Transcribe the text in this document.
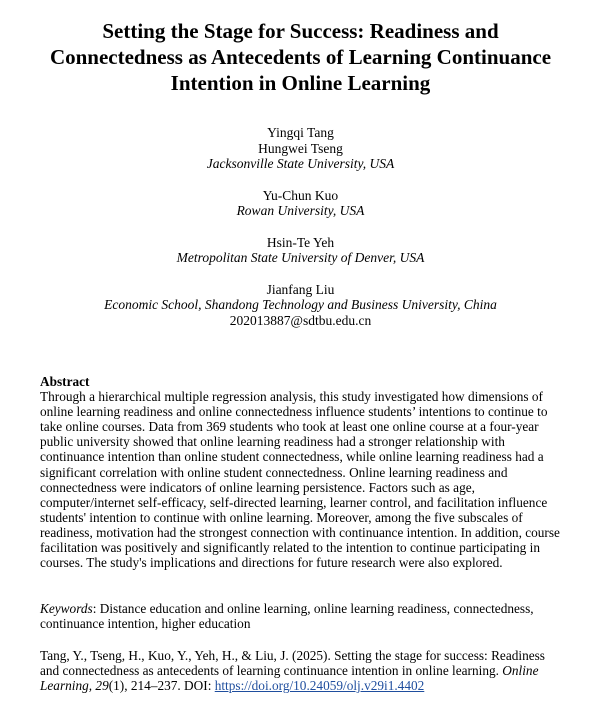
Setting the Stage for Success: Readiness and Connectedness as Antecedents of Learning Continuance Intention in Online Learning
Yingqi Tang
Hungwei Tseng
Jacksonville State University, USA
Yu-Chun Kuo
Rowan University, USA
Hsin-Te Yeh
Metropolitan State University of Denver, USA
Jianfang Liu
Economic School, Shandong Technology and Business University, China
202013887@sdtbu.edu.cn
Abstract

Through a hierarchical multiple regression analysis, this study investigated how dimensions of online learning readiness and online connectedness influence students’ intentions to continue to take online courses. Data from 369 students who took at least one online course at a four-year public university showed that online learning readiness had a stronger relationship with continuance intention than online student connectedness, while online learning readiness had a significant correlation with online student connectedness. Online learning readiness and connectedness were indicators of online learning persistence. Factors such as age, computer/internet self-efficacy, self-directed learning, learner control, and facilitation influence students' intention to continue with online learning. Moreover, among the five subscales of readiness, motivation had the strongest connection with continuance intention. In addition, course facilitation was positively and significantly related to the intention to continue participating in courses. The study's implications and directions for future research were also explored.

Keywords: Distance education and online learning, online learning readiness, connectedness, continuance intention, higher education
Tang, Y., Tseng, H., Kuo, Y., Yeh, H., & Liu, J. (2025). Setting the stage for success: Readiness and connectedness as antecedents of learning continuance intention in online learning. Online Learning, 29(1), 214–237. DOI: https://doi.org/10.24059/olj.v29i1.4402
